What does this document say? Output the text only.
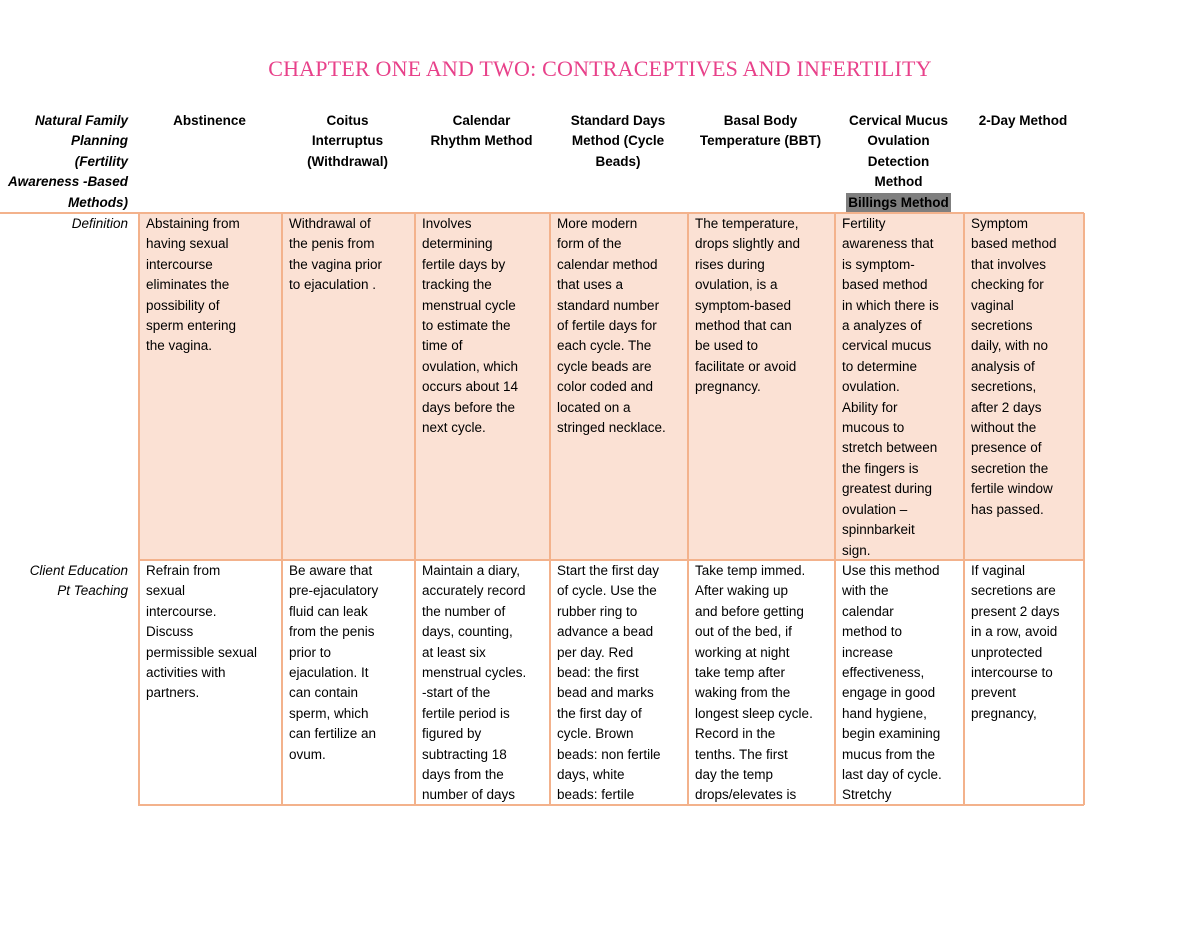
CHAPTER ONE AND TWO: CONTRACEPTIVES AND INFERTILITY
Natural Family
Planning
(Fertility
Awareness -Based
Methods)
Abstinence	Coitus
Interruptus
(Withdrawal)
Calendar
Rhythm Method
Standard Days
Method (Cycle
Beads)
Basal Body
Temperature (BBT)
Cervical Mucus
Ovulation
Detection
Method
Billings Method
2-Day Method
Definition Abstaining from
having sexual
intercourse
eliminates the
possibility of
sperm entering
the vagina.
Withdrawal of
the penis from
the vagina prior
to ejaculation .
Involves
determining
fertile days by
tracking the
menstrual cycle
to estimate the
time of
ovulation, which
occurs about 14
days before the
next cycle.
More modern
form of the
calendar method
that uses a
standard number
of fertile days for
each cycle. The
cycle beads are
color coded and
located on a
stringed necklace.
The temperature,
drops slightly and
rises during
ovulation, is a
symptom-based
method that can
be used to
facilitate or avoid
pregnancy.
Fertility
awareness that
is symptom-
based method
in which there is
a analyzes of
cervical mucus
to determine
ovulation.
Ability for
mucous to
stretch between
the fingers is
greatest during
ovulation –
spinnbarkeit
sign.
Symptom
based method
that involves
checking for
vaginal
secretions
daily, with no
analysis of
secretions,
after 2 days
without the
presence of
secretion the
fertile window
has passed.
Client Education
Pt Teaching
Refrain from
sexual
intercourse.
Discuss
permissible sexual
activities with
partners.
Be aware that
pre-ejaculatory
fluid can leak
from the penis
prior to
ejaculation. It
can contain
sperm, which
can fertilize an
ovum.
Maintain a diary,
accurately record
the number of
days, counting,
at least six
menstrual cycles.
-start of the
fertile period is
figured by
subtracting 18
days from the
number of days
Start the first day
of cycle. Use the
rubber ring to
advance a bead
per day. Red
bead: the first
bead and marks
the first day of
cycle. Brown
beads: non fertile
days, white
beads: fertile
Take temp immed.
After waking up
and before getting
out of the bed, if
working at night
take temp after
waking from the
longest sleep cycle.
Record in the
tenths. The first
day the temp
drops/elevates is
Use this method
with the
calendar
method to
increase
effectiveness,
engage in good
hand hygiene,
begin examining
mucus from the
last day of cycle.
Stretchy
If vaginal
secretions are
present 2 days
in a row, avoid
unprotected
intercourse to
prevent
pregnancy,
